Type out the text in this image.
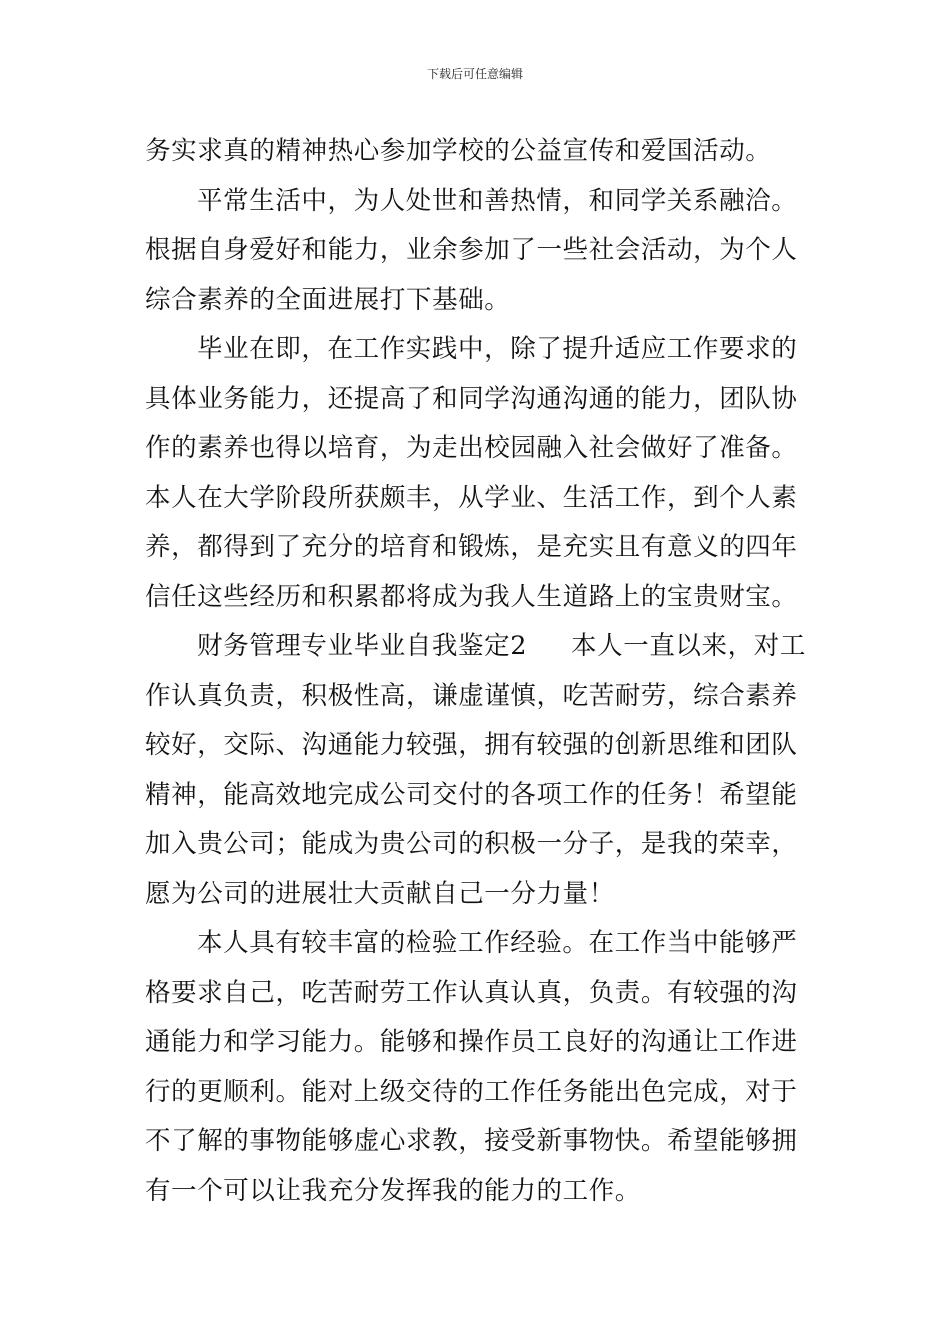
下载后可任意编辑
务实求真的精神热心参加学校的公益宣传和爱国活动。
平常生活中，为人处世和善热情，和同学关系融洽。
根据自身爱好和能力，业余参加了一些社会活动，为个人
综合素养的全面进展打下基础。
毕业在即，在工作实践中，除了提升适应工作要求的
具体业务能力，还提高了和同学沟通沟通的能力，团队协
作的素养也得以培育，为走出校园融入社会做好了准备。
本人在大学阶段所获颇丰，从学业、生活工作，到个人素
养，都得到了充分的培育和锻炼，是充实且有意义的四年
信任这些经历和积累都将成为我人生道路上的宝贵财宝。
财务管理专业毕业自我鉴定2 本人一直以来，对工
作认真负责，积极性高，谦虚谨慎，吃苦耐劳，综合素养
较好，交际、沟通能力较强，拥有较强的创新思维和团队
精神，能高效地完成公司交付的各项工作的任务！希望能
加入贵公司；能成为贵公司的积极一分子，是我的荣幸，
愿为公司的进展壮大贡献自己一分力量！
本人具有较丰富的检验工作经验。在工作当中能够严
格要求自己，吃苦耐劳工作认真认真，负责。有较强的沟
通能力和学习能力。能够和操作员工良好的沟通让工作进
行的更顺利。能对上级交待的工作任务能出色完成，对于
不了解的事物能够虚心求教，接受新事物快。希望能够拥
有一个可以让我充分发挥我的能力的工作。
